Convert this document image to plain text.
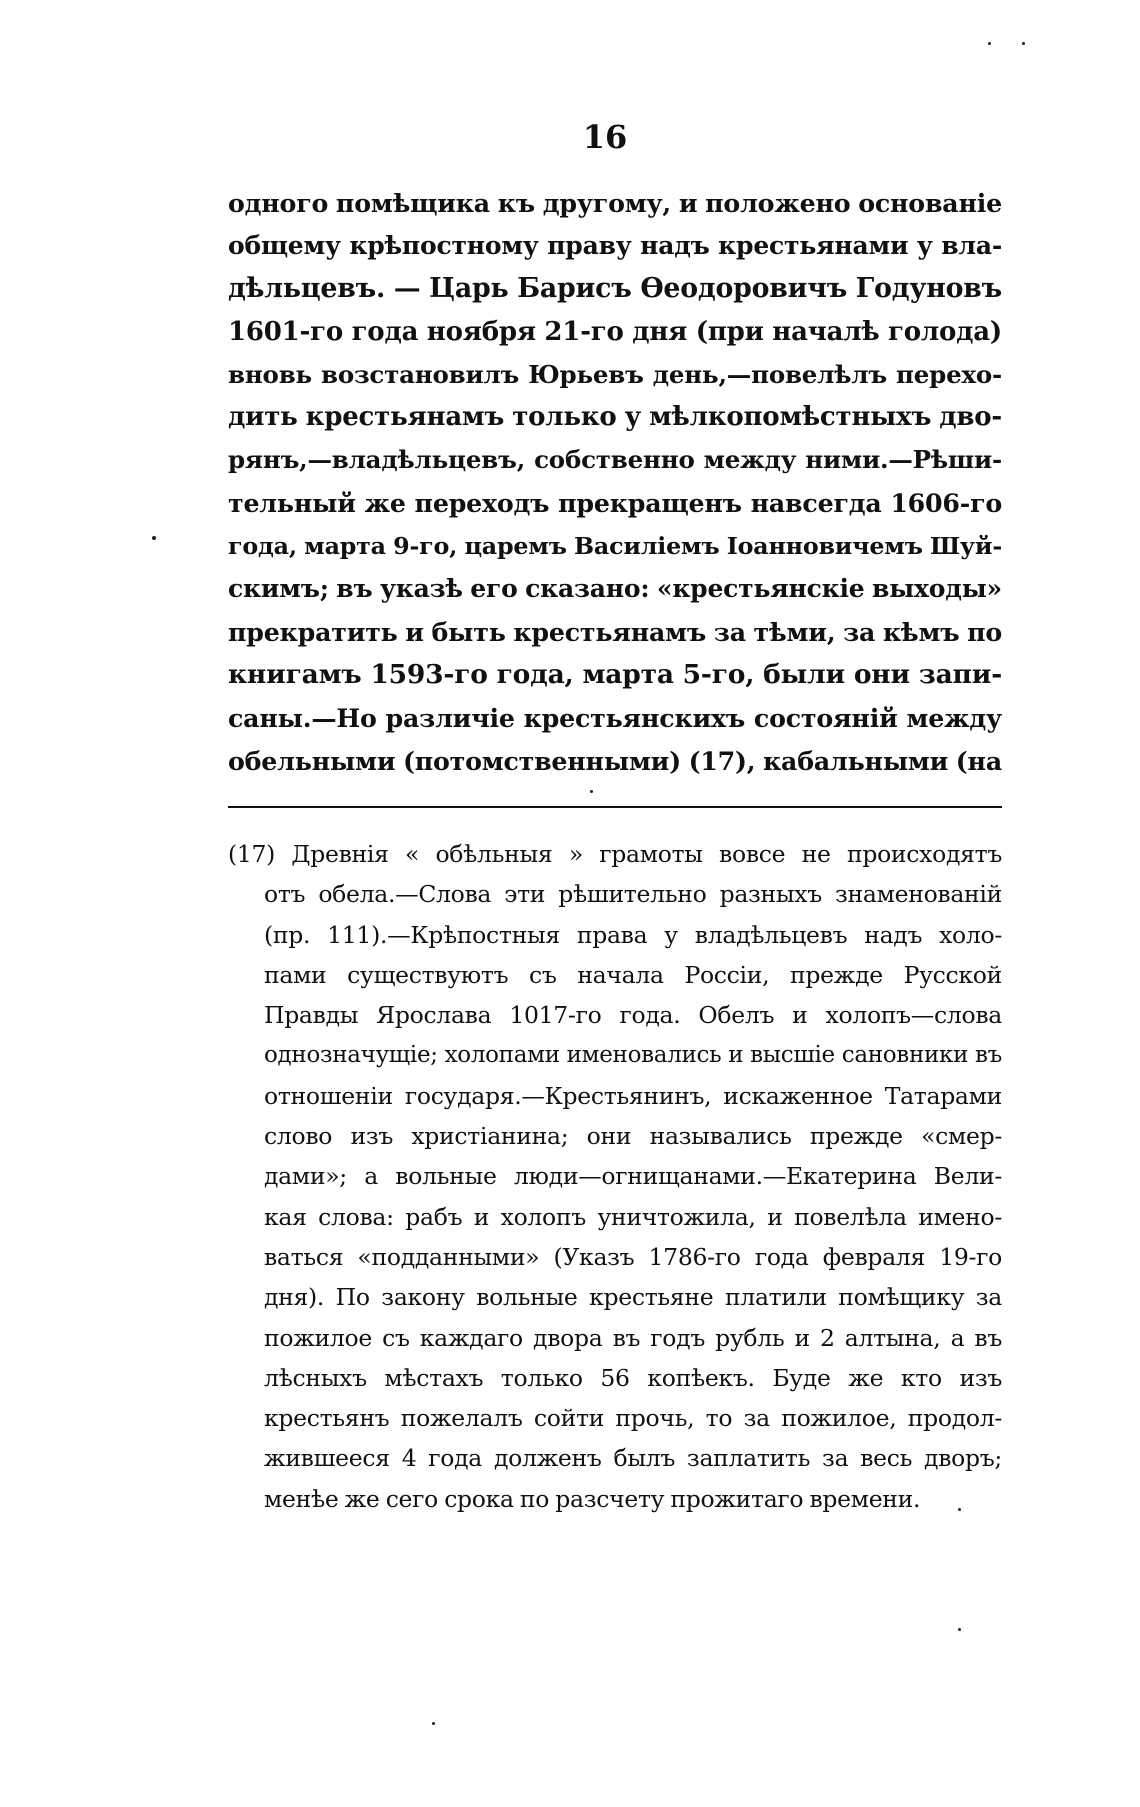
16
одного помѣщика къ другому, и положено основаніе
общему крѣпостному праву надъ крестьянами у вла-
дѣльцевъ. — Царь Барисъ Ѳеодоровичъ Годуновъ
1601-го года ноября 21-го дня (при началѣ голода)
вновь возстановилъ Юрьевъ день,—повелѣлъ перехо-
дить крестьянамъ только у мѣлкопомѣстныхъ дво-
рянъ,—владѣльцевъ, собственно между ними.—Рѣши-
тельный же переходъ прекращенъ навсегда 1606-го
года, марта 9-го, царемъ Василіемъ Іоанновичемъ Шуй-
скимъ; въ указѣ его сказано: «крестьянскіе выходы»
прекратить и быть крестьянамъ за тѣми, за кѣмъ по
книгамъ 1593-го года, марта 5-го, были они запи-
саны.—Но различіе крестьянскихъ состояній между
обельными (потомственными) (17), кабальными (на
(17) Древнія « обѣльныя » грамоты вовсе не происходятъ
отъ обела.—Слова эти рѣшительно разныхъ знаменованій
(пр. 111).—Крѣпостныя права у владѣльцевъ надъ холо-
пами существуютъ съ начала Россіи, прежде Русской
Правды Ярослава 1017-го года. Обелъ и холопъ—слова
однозначущіе; холопами именовались и высшіе сановники въ
отношеніи государя.—Крестьянинъ, искаженное Татарами
слово изъ христіанина; они назывались прежде «смер-
дами»; а вольные люди—огнищанами.—Екатерина Вели-
кая слова: рабъ и холопъ уничтожила, и повелѣла имено-
ваться «подданными» (Указъ 1786-го года февраля 19-го
дня). По закону вольные крестьяне платили помѣщику за
пожилое съ каждаго двора въ годъ рубль и 2 алтына, а въ
лѣсныхъ мѣстахъ только 56 копѣекъ. Буде же кто изъ
крестьянъ пожелалъ сойти прочь, то за пожилое, продол-
жившееся 4 года долженъ былъ заплатить за весь дворъ;
менѣе же сего срока по разсчету прожитаго времени.
